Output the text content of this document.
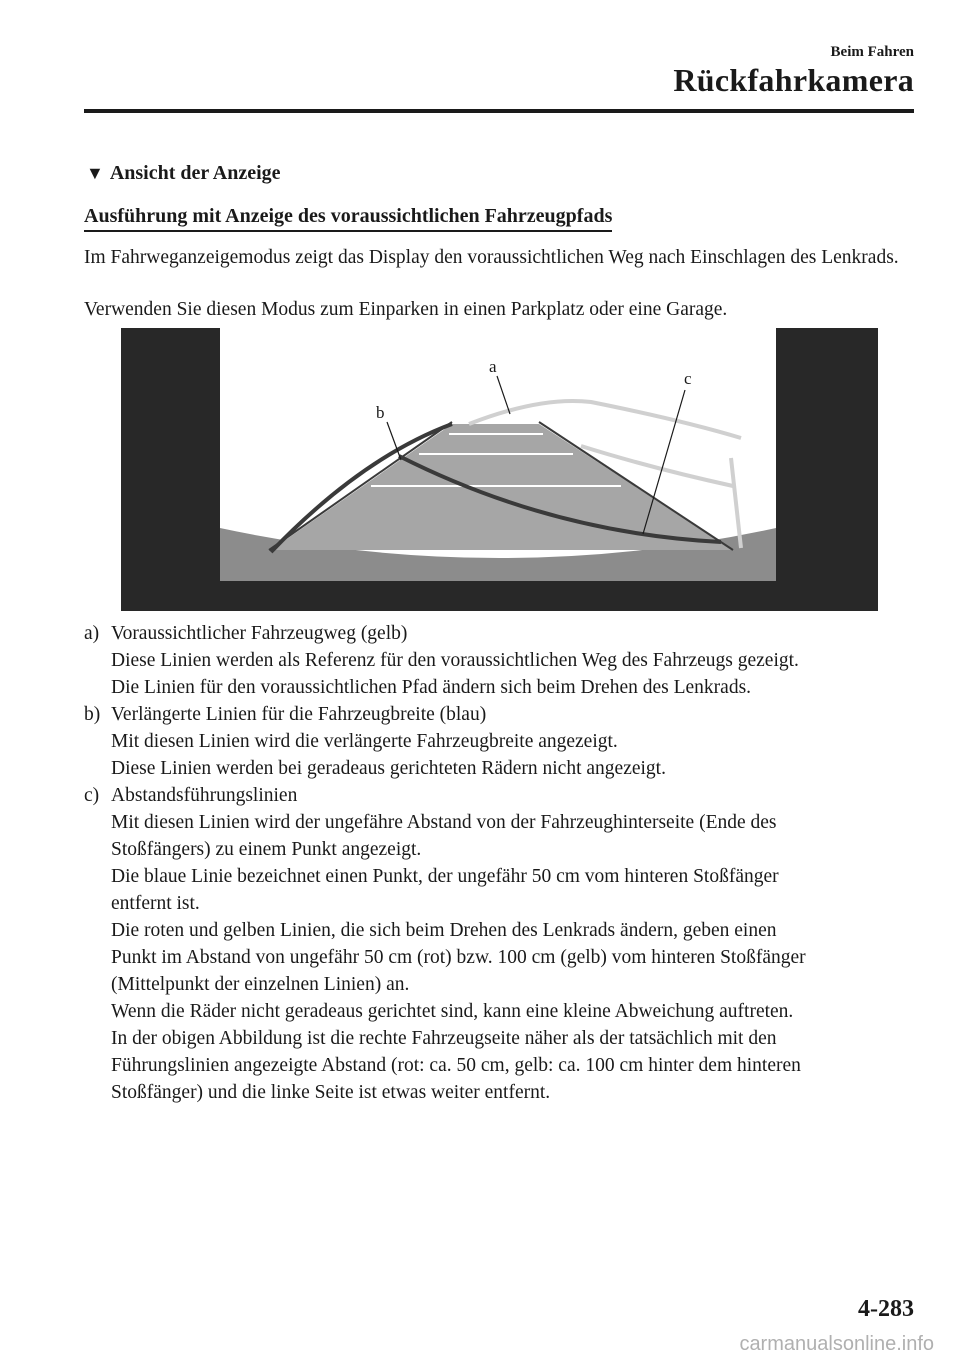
Beim Fahren
Rückfahrkamera
▼ Ansicht der Anzeige
Ausführung mit Anzeige des voraussichtlichen Fahrzeugpfads
Im Fahrweganzeigemodus zeigt das Display den voraussichtlichen Weg nach Einschlagen des Lenkrads.
Verwenden Sie diesen Modus zum Einparken in einen Parkplatz oder eine Garage.
a
b
c
a) Voraussichtlicher Fahrzeugweg (gelb)
Diese Linien werden als Referenz für den voraussichtlichen Weg des Fahrzeugs gezeigt.
Die Linien für den voraussichtlichen Pfad ändern sich beim Drehen des Lenkrads.
b) Verlängerte Linien für die Fahrzeugbreite (blau)
Mit diesen Linien wird die verlängerte Fahrzeugbreite angezeigt.
Diese Linien werden bei geradeaus gerichteten Rädern nicht angezeigt.
c) Abstandsführungslinien
Mit diesen Linien wird der ungefähre Abstand von der Fahrzeughinterseite (Ende des
Stoßfängers) zu einem Punkt angezeigt.
Die blaue Linie bezeichnet einen Punkt, der ungefähr 50 cm vom hinteren Stoßfänger
entfernt ist.
Die roten und gelben Linien, die sich beim Drehen des Lenkrads ändern, geben einen
Punkt im Abstand von ungefähr 50 cm (rot) bzw. 100 cm (gelb) vom hinteren Stoßfänger
(Mittelpunkt der einzelnen Linien) an.
Wenn die Räder nicht geradeaus gerichtet sind, kann eine kleine Abweichung auftreten.
In der obigen Abbildung ist die rechte Fahrzeugseite näher als der tatsächlich mit den
Führungslinien angezeigte Abstand (rot: ca. 50 cm, gelb: ca. 100 cm hinter dem hinteren
Stoßfänger) und die linke Seite ist etwas weiter entfernt.
4-283
carmanualsonline.info
